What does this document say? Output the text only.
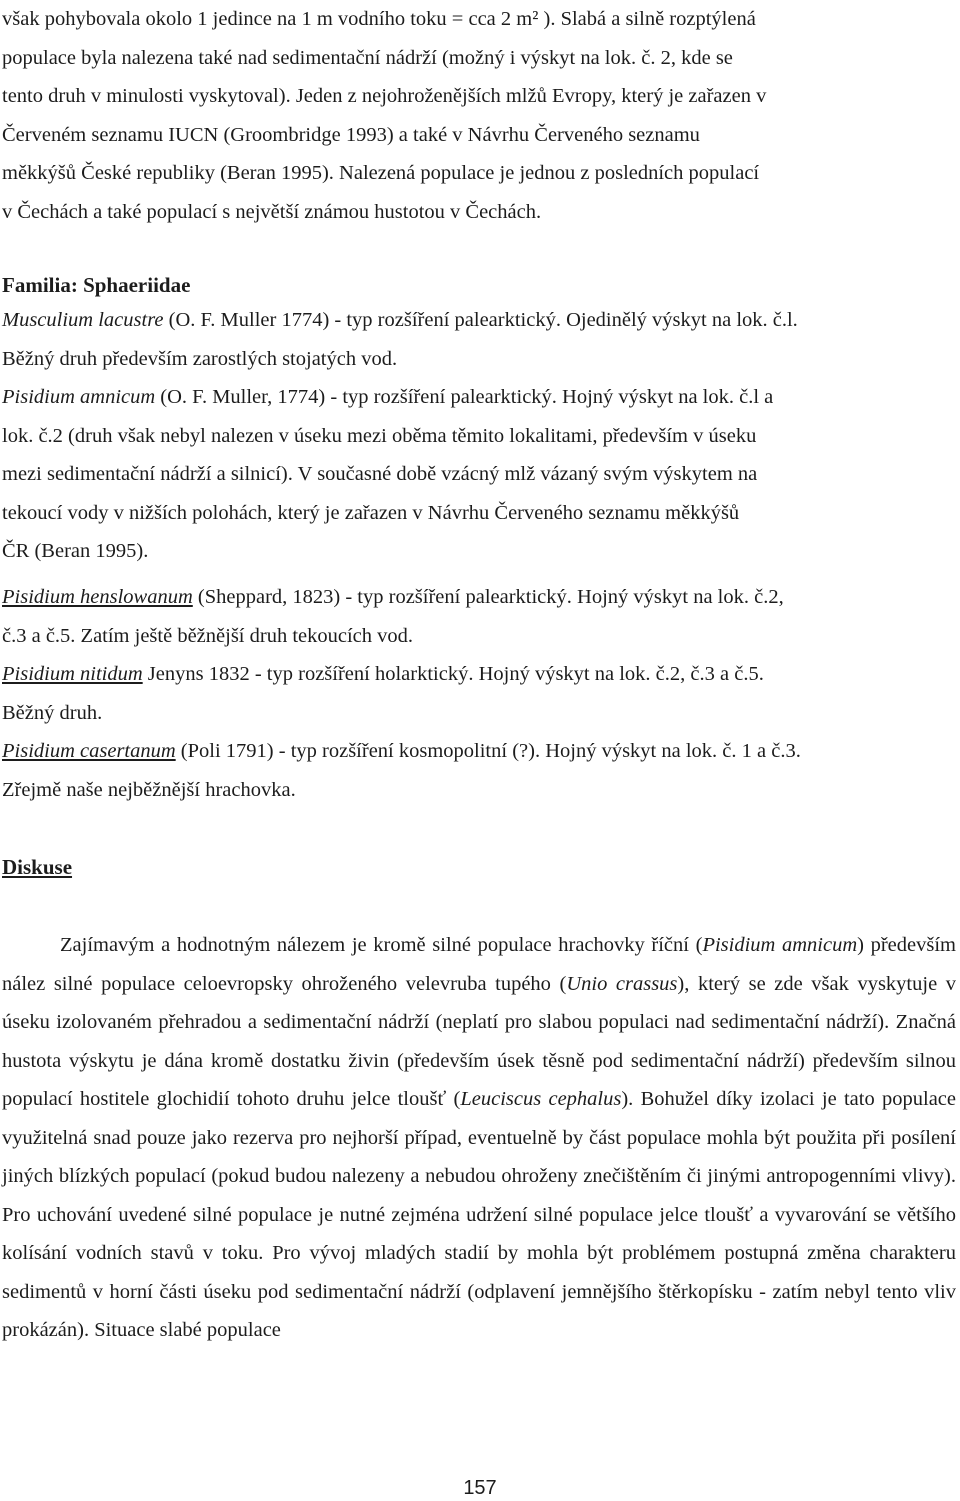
však pohybovala okolo 1 jedince na 1 m vodního toku = cca 2 m² ). Slabá a silně rozptýlená
populace byla nalezena také nad sedimentační nádrží (možný i výskyt na lok. č. 2, kde se
tento druh v minulosti vyskytoval). Jeden z nejohroženějších mlžů Evropy, který je zařazen v
Červeném seznamu IUCN (Groombridge 1993) a také v Návrhu Červeného seznamu
měkkýšů České republiky (Beran 1995). Nalezená populace je jednou z posledních populací
v Čechách a také populací s největší známou hustotou v Čechách.
Familia: Sphaeriidae
Musculium lacustre (O. F. Muller 1774) - typ rozšíření palearktický. Ojedinělý výskyt na lok. č.l.
Běžný druh především zarostlých stojatých vod.
Pisidium amnicum (O. F. Muller, 1774) - typ rozšíření palearktický. Hojný výskyt na lok. č.l a
lok. č.2 (druh však nebyl nalezen v úseku mezi oběma těmito lokalitami, především v úseku
mezi sedimentační nádrží a silnicí). V současné době vzácný mlž vázaný svým výskytem na
tekoucí vody v nižších polohách, který je zařazen v Návrhu Červeného seznamu měkkýšů
ČR (Beran 1995).
Pisidium henslowanum (Sheppard, 1823) - typ rozšíření palearktický. Hojný výskyt na lok. č.2,
č.3 a č.5. Zatím ještě běžnější druh tekoucích vod.
Pisidium nitidum Jenyns 1832 - typ rozšíření holarktický. Hojný výskyt na lok. č.2, č.3 a č.5.
Běžný druh.
Pisidium casertanum (Poli 1791) - typ rozšíření kosmopolitní (?). Hojný výskyt na lok. č. 1 a č.3.
Zřejmě naše nejběžnější hrachovka.
Diskuse
Zajímavým a hodnotným nálezem je kromě silné populace hrachovky říční (Pisidium amnicum) především nález silné populace celoevropsky ohroženého velevruba tupého (Unio crassus), který se zde však vyskytuje v úseku izolovaném přehradou a sedimentační nádrží (neplatí pro slabou populaci nad sedimentační nádrží). Značná hustota výskytu je dána kromě dostatku živin (především úsek těsně pod sedimentační nádrží) především silnou populací hostitele glochidií tohoto druhu jelce tloušť (Leuciscus cephalus). Bohužel díky izolaci je tato populace využitelná snad pouze jako rezerva pro nejhorší případ, eventuelně by část populace mohla být použita při posílení jiných blízkých populací (pokud budou nalezeny a nebudou ohroženy znečištěním či jinými antropogenními vlivy). Pro uchování uvedené silné populace je nutné zejména udržení silné populace jelce tloušť a vyvarování se většího kolísání vodních stavů v toku. Pro vývoj mladých stadií by mohla být problémem postupná změna charakteru sedimentů v horní části úseku pod sedimentační nádrží (odplavení jemnějšího štěrkopísku - zatím nebyl tento vliv prokázán). Situace slabé populace
157
